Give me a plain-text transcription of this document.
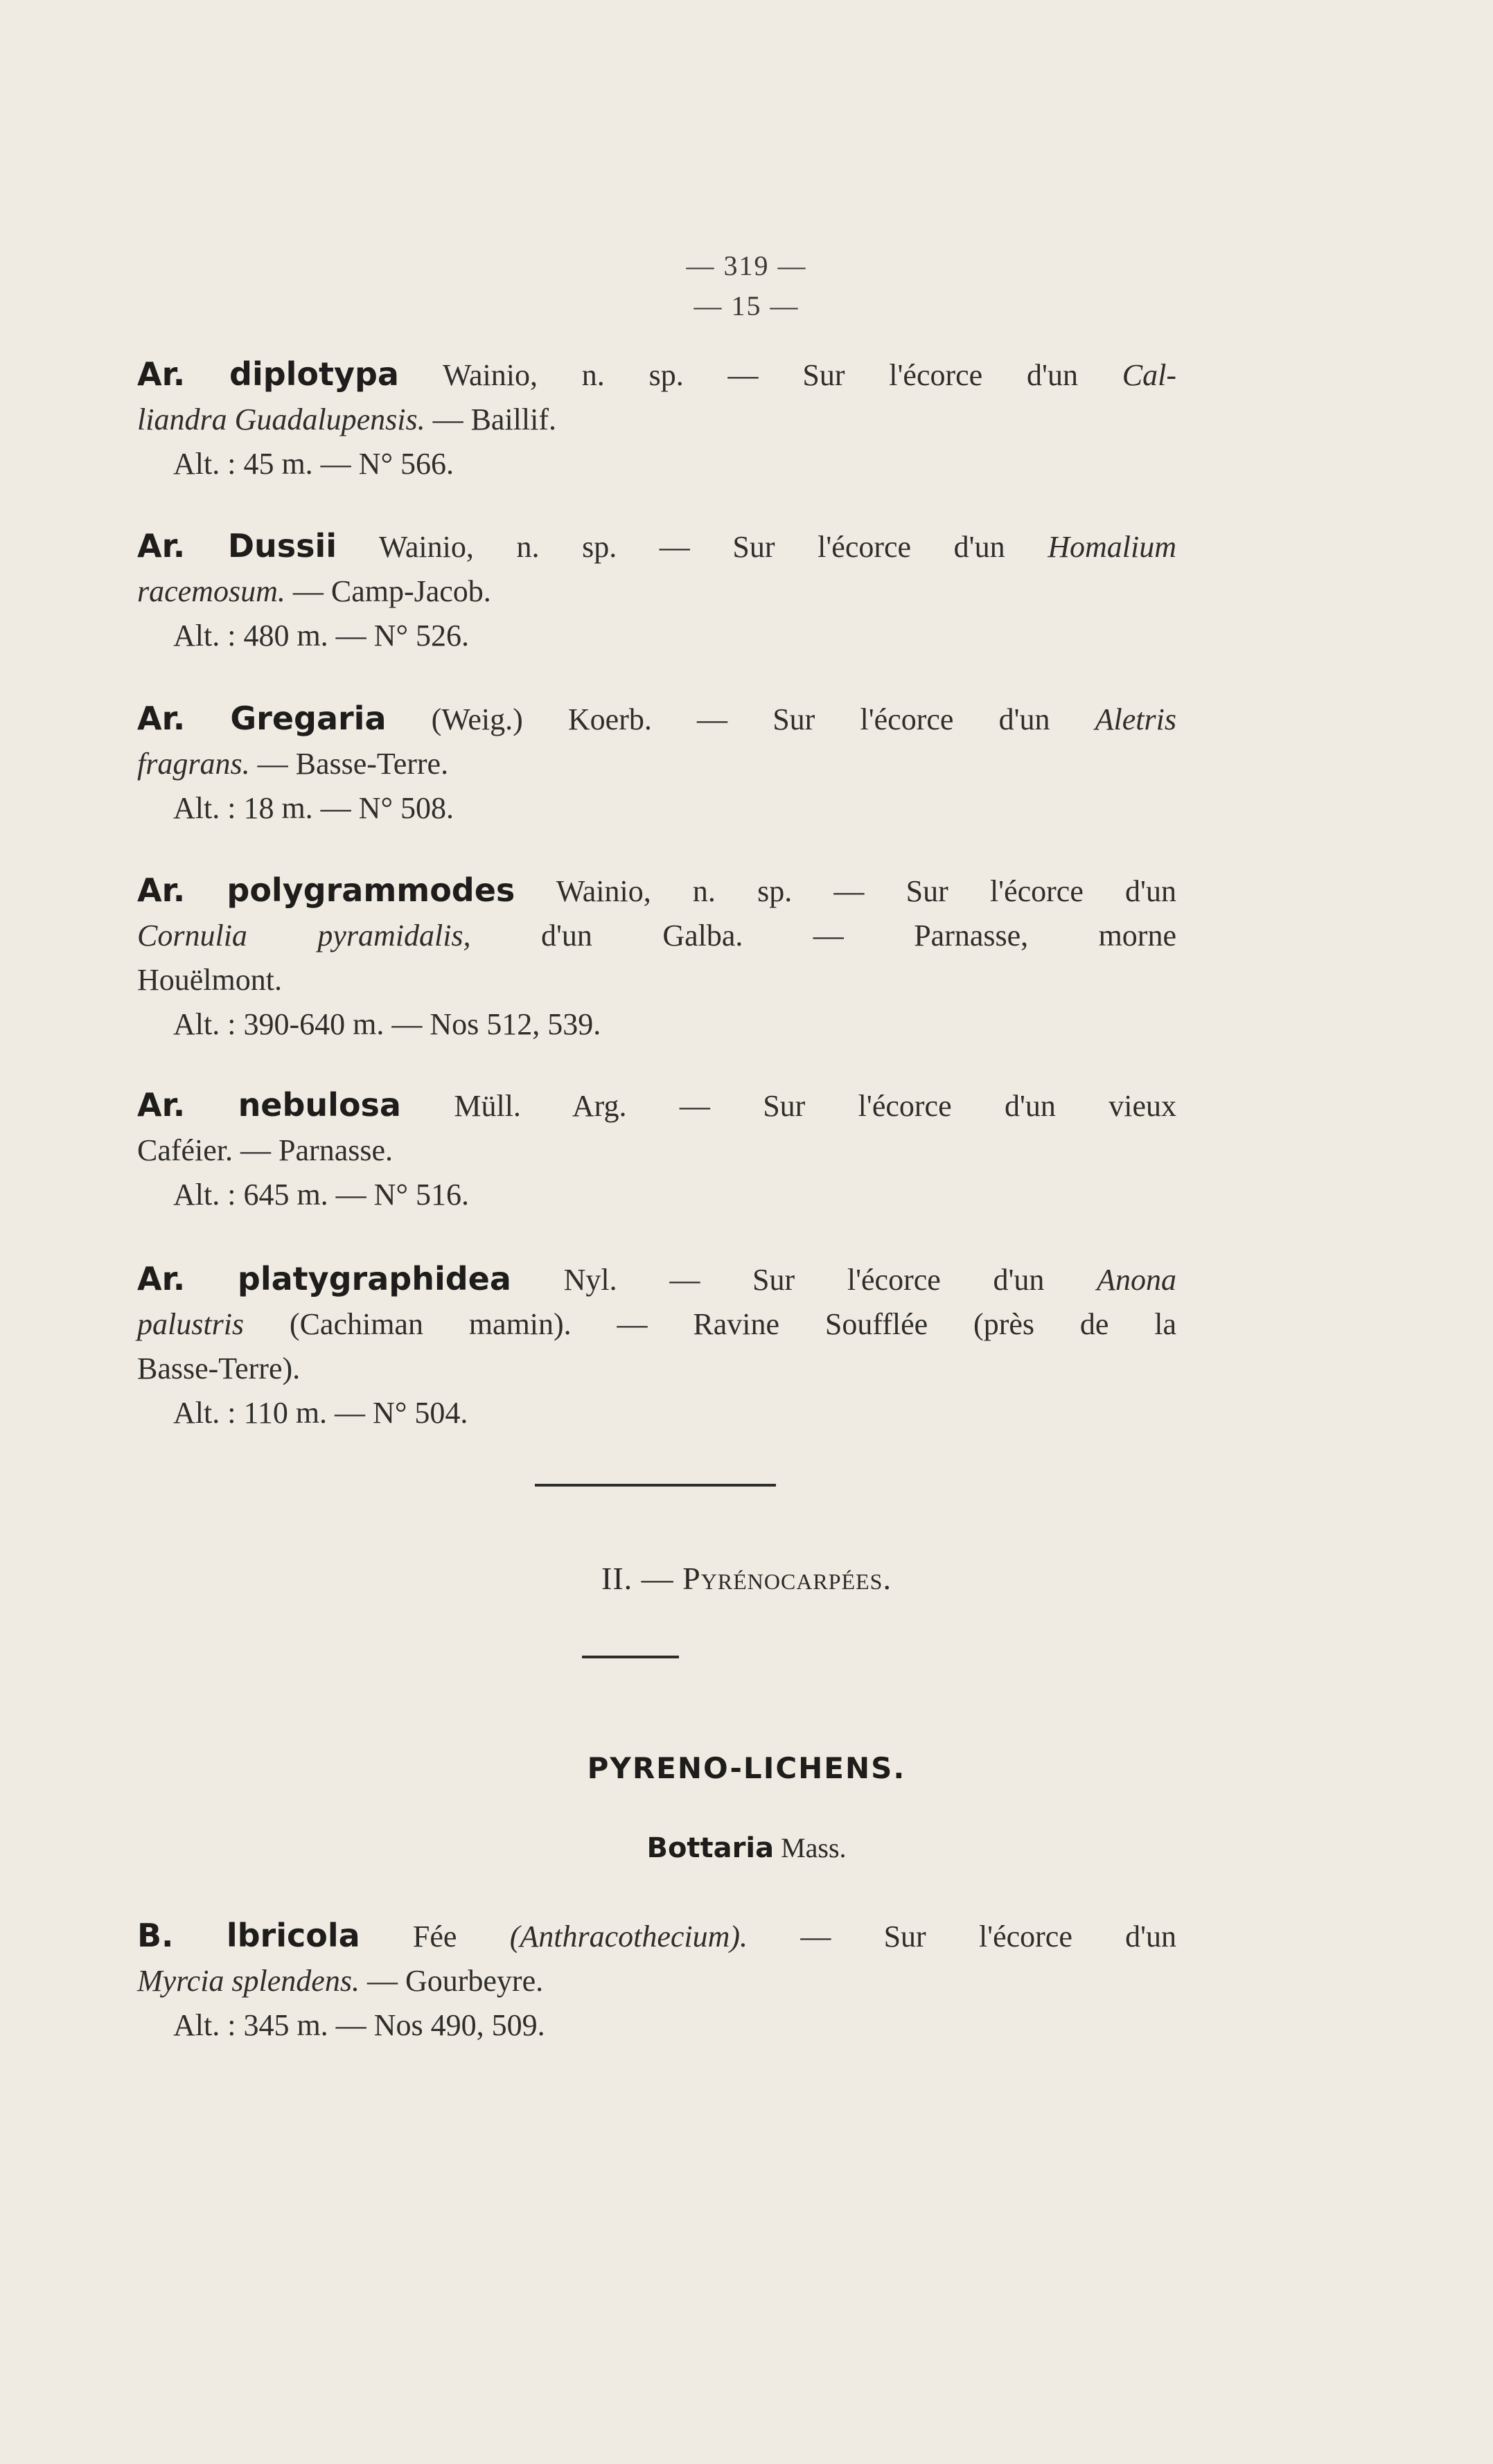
— 319 —
— 15 —
Ar. diplotypa Wainio, n. sp. — Sur l'écorce d'un Cal-
liandra Guadalupensis. — Baillif.
Alt. : 45 m. — N° 566.
Ar. Dussii Wainio, n. sp. — Sur l'écorce d'un Homalium
racemosum. — Camp-Jacob.
Alt. : 480 m. — N° 526.
Ar. Gregaria (Weig.) Koerb. — Sur l'écorce d'un Aletris
fragrans. — Basse-Terre.
Alt. : 18 m. — N° 508.
Ar. polygrammodes Wainio, n. sp. — Sur l'écorce d'un
Cornulia pyramidalis, d'un Galba. — Parnasse, morne
Houëlmont.
Alt. : 390-640 m. — Nos 512, 539.
Ar. nebulosa Müll. Arg. — Sur l'écorce d'un vieux
Caféier. — Parnasse.
Alt. : 645 m. — N° 516.
Ar. platygraphidea Nyl. — Sur l'écorce d'un Anona
palustris (Cachiman mamin). — Ravine Soufflée (près de la
Basse-Terre).
Alt. : 110 m. — N° 504.
II. — Pyrénocarpées.
PYRENO-LICHENS.
Bottaria Mass.
B. lbricola Fée (Anthracothecium). — Sur l'écorce d'un
Myrcia splendens. — Gourbeyre.
Alt. : 345 m. — Nos 490, 509.
